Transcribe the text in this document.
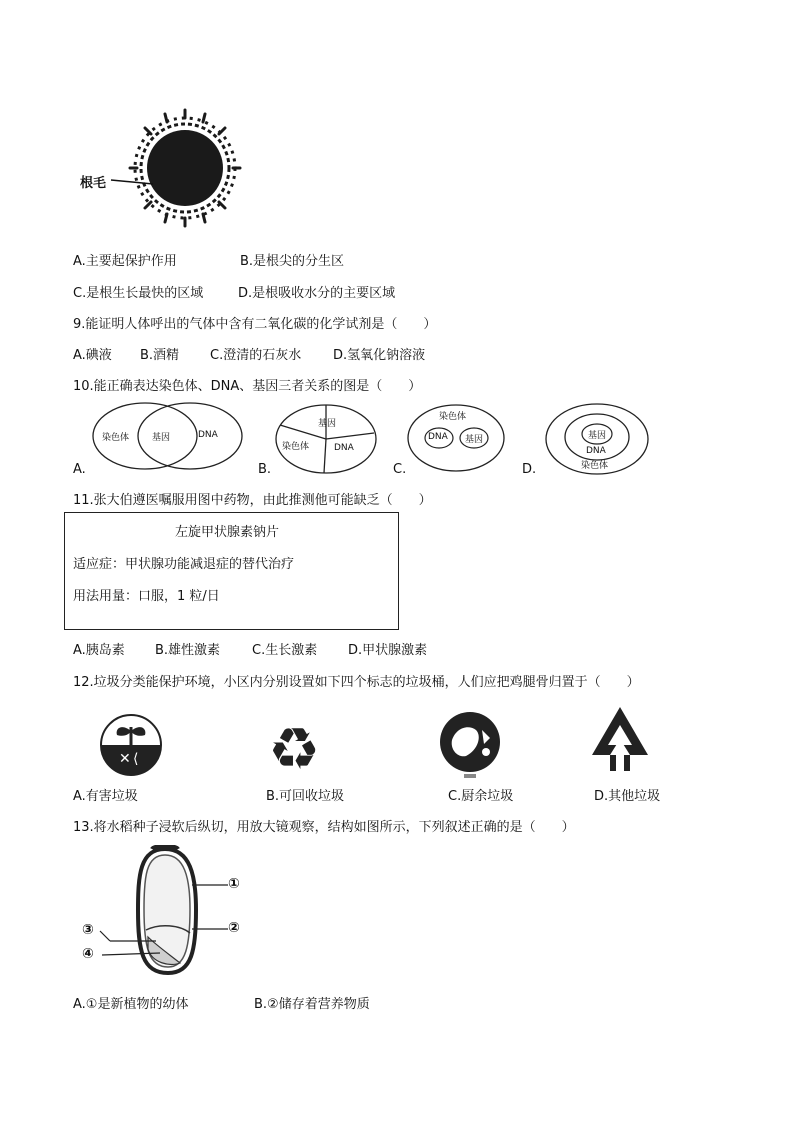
根毛
A.主要起保护作用	B.是根尖的分生区
C.是根生长最快的区域	D.是根吸收水分的主要区域
9.能证明人体呼出的气体中含有二氧化碳的化学试剂是（　　）
A.碘液 B.酒精 C.澄清的石灰水 D.氢氧化钠溶液
10.能正确表达染色体、DNA、基因三者关系的图是（　　）
染色体	基因	DNA
A.
基因
染色体	DNA
B.
染色体
DNA 基因
C.
基因
DNA
染色体
D.
11.张大伯遵医嘱服用图中药物，由此推测他可能缺乏（　　）
左旋甲状腺素钠片
适应症：甲状腺功能减退症的替代治疗
用法用量：口服，1 粒/日
A.胰岛素 B.雄性激素 C.生长激素 D.甲状腺激素
12.垃圾分类能保护环境，小区内分别设置如下四个标志的垃圾桶，人们应把鸡腿骨归置于（　　）
✕ ⟨ ♻
A.有害垃圾	B.可回收垃圾	C.厨余垃圾	D.其他垃圾
13.将水稻种子浸软后纵切，用放大镜观察，结构如图所示，下列叙述正确的是（　　）
①
②
③
④
A.①是新植物的幼体	B.②储存着营养物质
